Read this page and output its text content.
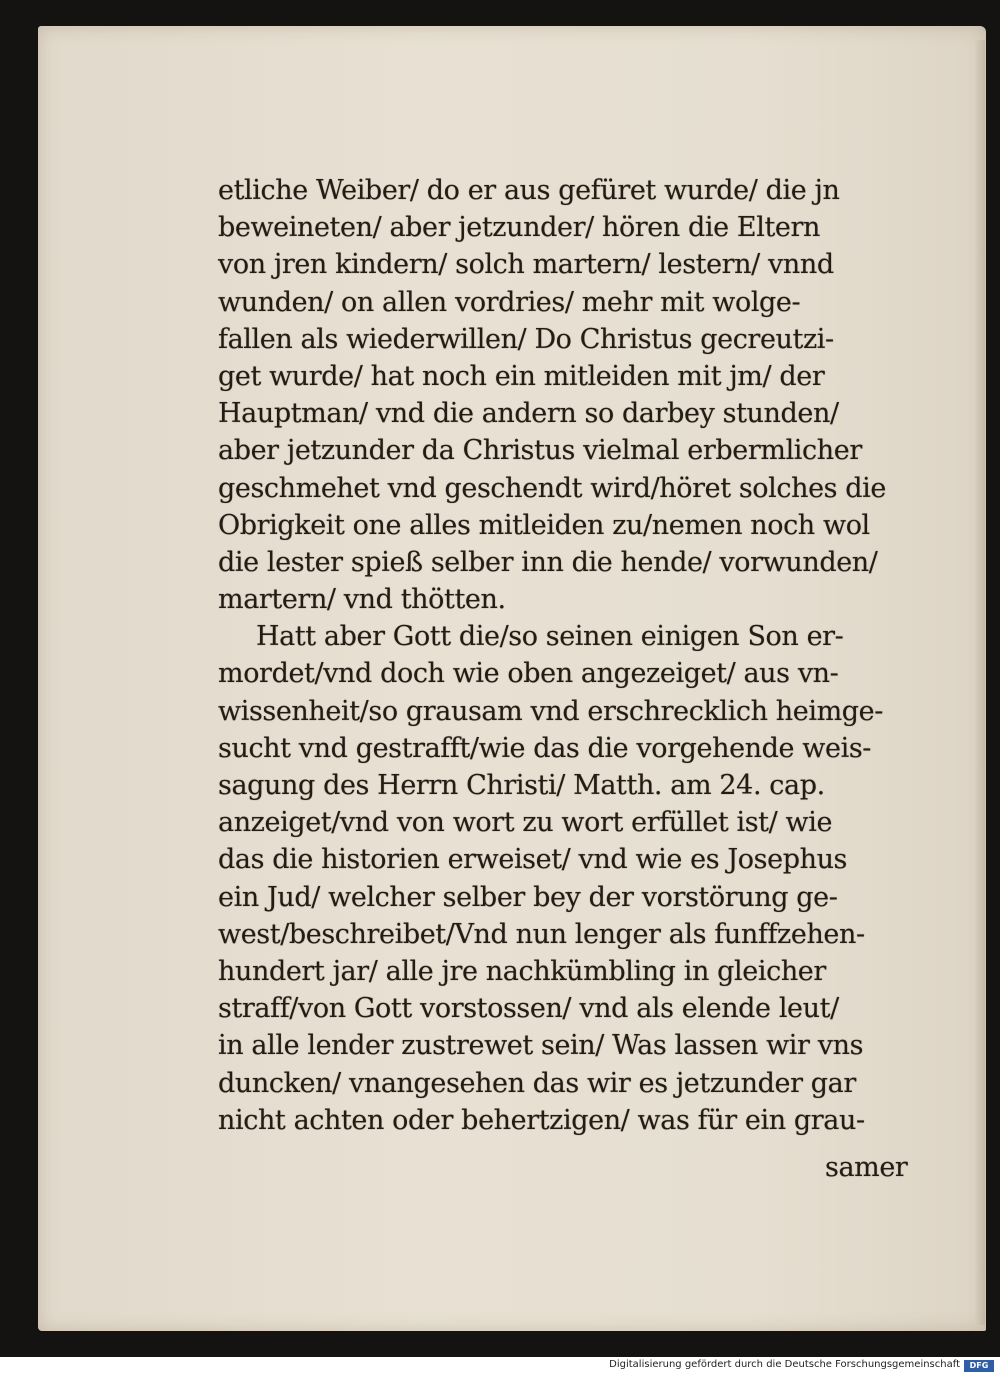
etliche Weiber/ do er aus gefüret wurde/ die jn
beweineten/ aber jetzunder/ hören die Eltern
von jren kindern/ solch martern/ lestern/ vnnd
wunden/ on allen vordries/ mehr mit wolge-
fallen als wiederwillen/ Do Christus gecreutzi-
get wurde/ hat noch ein mitleiden mit jm/ der
Hauptman/ vnd die andern so darbey stunden/
aber jetzunder da Christus vielmal erbermlicher
geschmehet vnd geschendt wird/höret solches die
Obrigkeit one alles mitleiden zu/nemen noch wol
die lester spieß selber inn die hende/ vorwunden/
martern/ vnd thötten.
Hatt aber Gott die/so seinen einigen Son er-
mordet/vnd doch wie oben angezeiget/ aus vn-
wissenheit/so grausam vnd erschrecklich heimge-
sucht vnd gestrafft/wie das die vorgehende weis-
sagung des Herrn Christi/ Matth. am 24. cap.
anzeiget/vnd von wort zu wort erfüllet ist/ wie
das die historien erweiset/ vnd wie es Josephus
ein Jud/ welcher selber bey der vorstörung ge-
west/beschreibet/Vnd nun lenger als funffzehen-
hundert jar/ alle jre nachkümbling in gleicher
straff/von Gott vorstossen/ vnd als elende leut/
in alle lender zustrewet sein/ Was lassen wir vns
duncken/ vnangesehen das wir es jetzunder gar
nicht achten oder behertzigen/ was für ein grau-
samer
Digitalisierung gefördert durch die Deutsche Forschungsgemeinschaft	DFG
